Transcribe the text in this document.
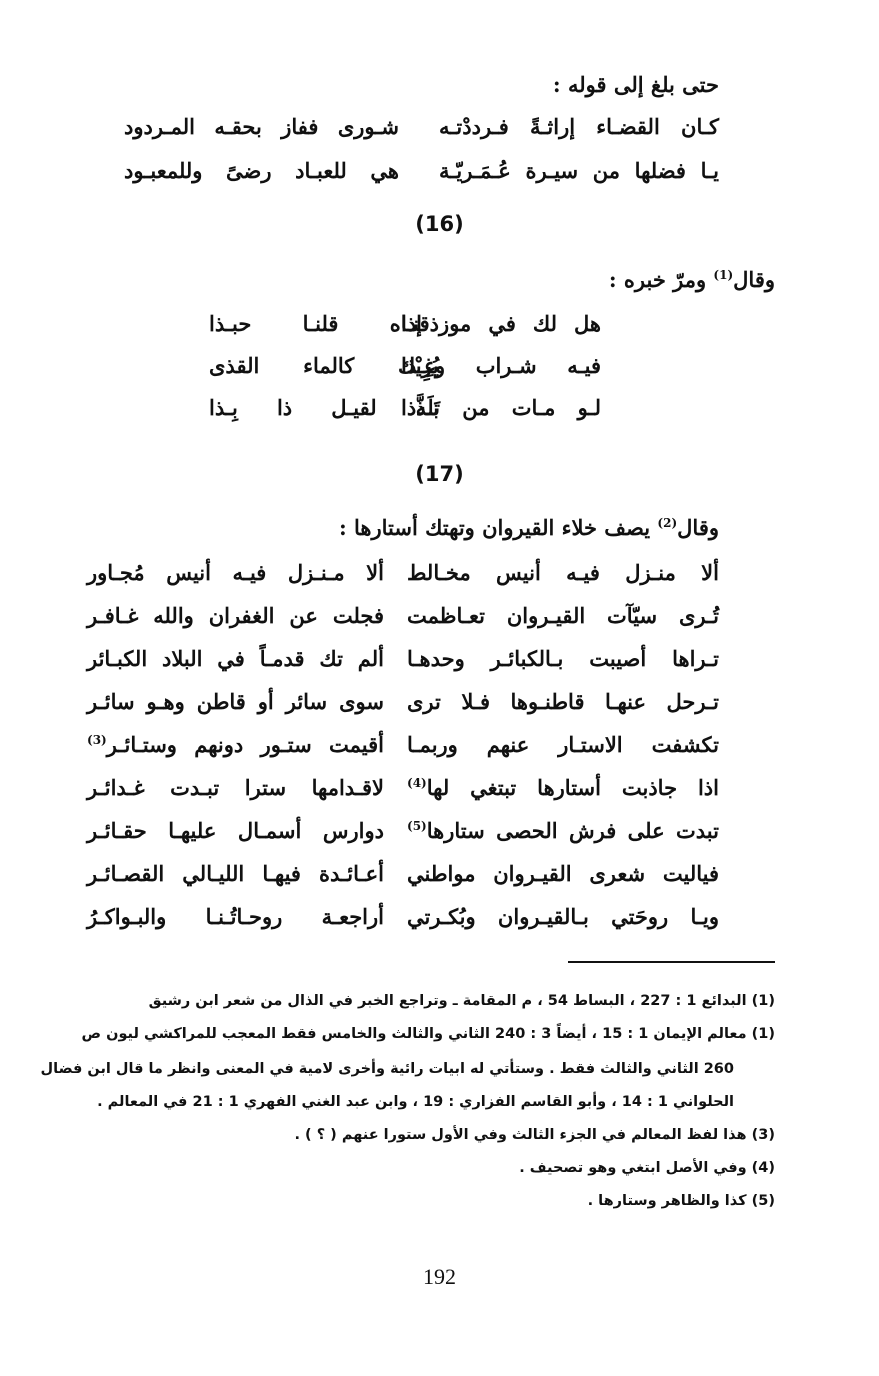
حتى بلغ إلى قوله :
كـان القضـاء إراثـةً فـرددْتـه
شـورى ففاز بحقـه المـردود
يـا فضلها من سيـرة عُـمَـريّـة
هي للعبـاد رضىً وللمعبـود
(16)
وقال$^{(1)}$ ومرّ خبره :
هل لك في موز إذا
ذقنـاه قلنـا حبـذا
فيـه شـراب وغِـذا
يُرِيْك كالماء القذى
لـو مـات من تَلَذَّذا
بـه لقيـل ذا بِـذا
(17)
وقال$^{(2)}$ يصف خلاء القيروان وتهتك أستارها :
ألا منـزل فيـه أنيس مخـالط
ألا مـنـزل فيـه أنيس مُجـاور
تُـرى سيّآت القيـروان تعـاظمت
فجلت عن الغفران والله غـافـر
تـراها أصيبت بـالكبائـر وحدهـا
ألم تك قدمـاً في البلاد الكبـائر
تـرحل عنهـا قاطنـوها فـلا ترى
سوى سائر أو قاطن وهـو سائـر
تكشفت الاستـار عنهم وربمـا
أقيمت ستـور دونهم وستـائـر$^{(3)}$
اذا جاذبت أستارها تبتغي لها$^{(4)}$
لاقـدامها سترا تبـدت غـدائـر
تبدت على فرش الحصى ستارها$^{(5)}$
دوارس أسمـال عليهـا حقـائـر
فياليت شعرى القيـروان مواطني
أعـائـدة فيهـا الليـالي القصـائـر
ويـا روحَتي بـالقيـروان وبُكـرتي
أراجعـة روحـاتُـنـا والبـواكـرُ
(1) البدائع 1 : 227 ، البساط 54 ، م المقامة ـ وتراجع الخبر في الذال من شعر ابن رشيق
(1) معالم الإيمان 1 : 15 ، أيضاً 3 : 240 الثاني والثالث والخامس فقط المعجب للمراكشي ليون ص
260 الثاني والثالث فقط . وستأتي له ابيات رائية وأخرى لامية في المعنى وانظر ما قال ابن فضال
الحلواني 1 : 14 ، وأبو القاسم الفزاري : 19 ، وابن عبد الغني الفهري 1 : 21 في المعالم .
(3) هذا لفظ المعالم في الجزء الثالث وفي الأول ستورا عنهم ( ؟ ) .
(4) وفي الأصل ابتغي وهو تصحيف .
(5) كذا والظاهر وستارها .
192
